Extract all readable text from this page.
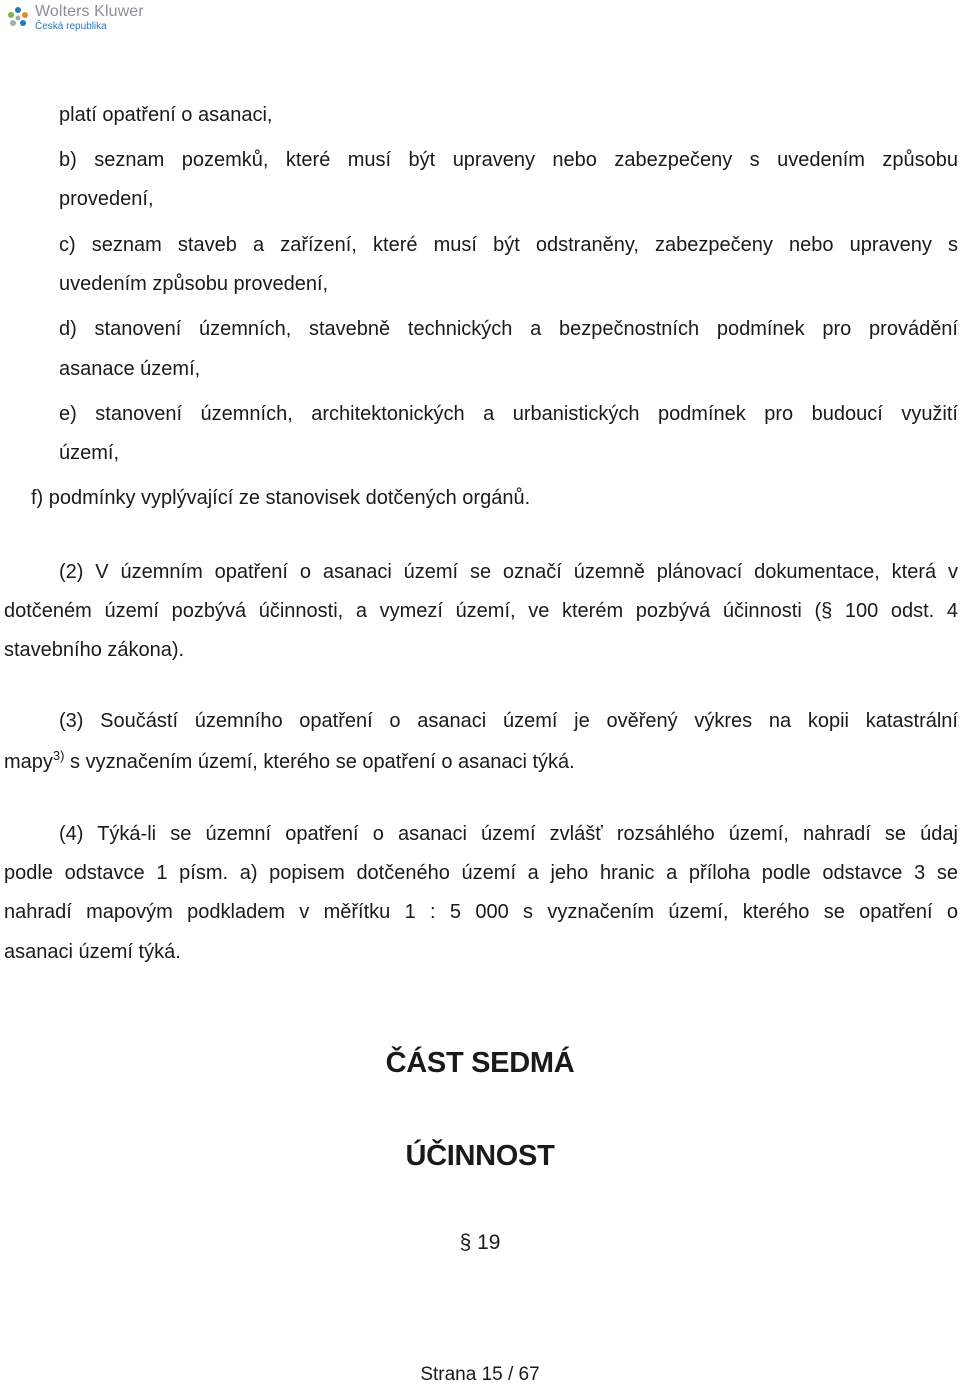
Wolters Kluwer
Česká republika
platí opatření o asanaci,
b) seznam pozemků, které musí být upraveny nebo zabezpečeny s uvedením způsobu
provedení,
c) seznam staveb a zařízení, které musí být odstraněny, zabezpečeny nebo upraveny s
uvedením způsobu provedení,
d) stanovení územních, stavebně technických a bezpečnostních podmínek pro provádění
asanace území,
e) stanovení územních, architektonických a urbanistických podmínek pro budoucí využití
území,
f) podmínky vyplývající ze stanovisek dotčených orgánů.
(2) V územním opatření o asanaci území se označí územně plánovací dokumentace, která v
dotčeném území pozbývá účinnosti, a vymezí území, ve kterém pozbývá účinnosti (§ 100 odst. 4
stavebního zákona).
(3) Součástí územního opatření o asanaci území je ověřený výkres na kopii katastrální
mapy$^{3)}$ s vyznačením území, kterého se opatření o asanaci týká.
(4) Týká-li se územní opatření o asanaci území zvlášť rozsáhlého území, nahradí se údaj
podle odstavce 1 písm. a) popisem dotčeného území a jeho hranic a příloha podle odstavce 3 se
nahradí mapovým podkladem v měřítku 1 : 5 000 s vyznačením území, kterého se opatření o
asanaci území týká.
ČÁST SEDMÁ
ÚČINNOST
§ 19
Strana 15 / 67
